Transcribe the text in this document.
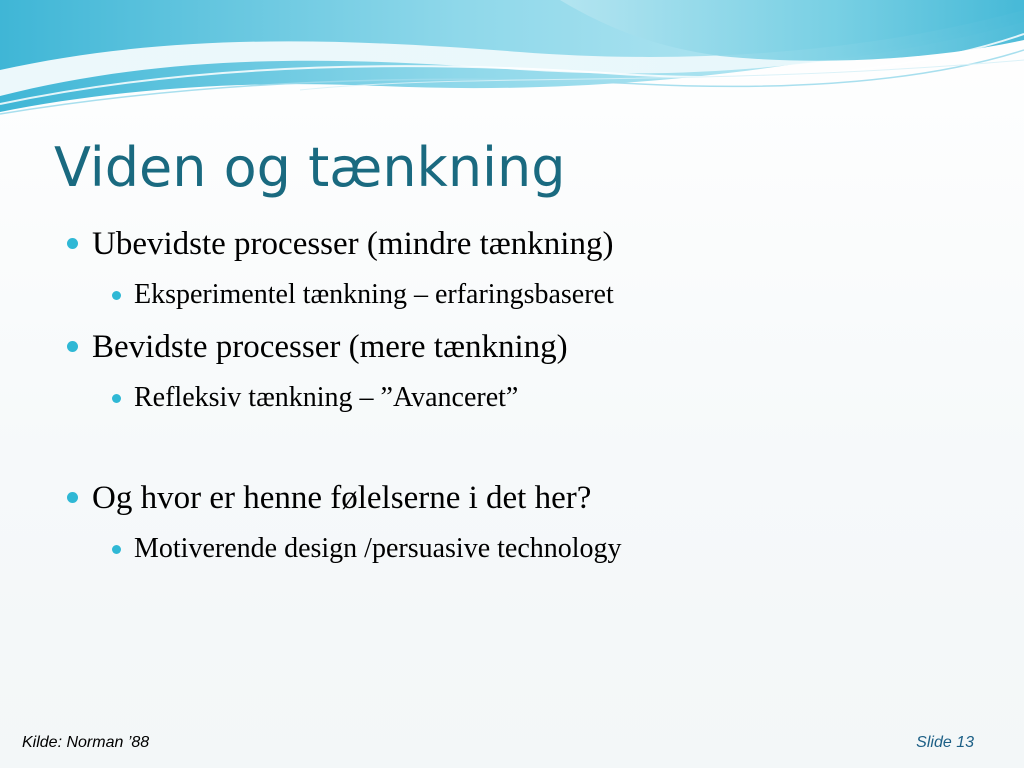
Viden og tænkning
Ubevidste processer (mindre tænkning)
Eksperimentel tænkning – erfaringsbaseret
Bevidste processer (mere tænkning)
Refleksiv tænkning – ”Avanceret”
Og hvor er henne følelserne i det her?
Motiverende design /persuasive technology
Kilde: Norman ’88	Slide 13
